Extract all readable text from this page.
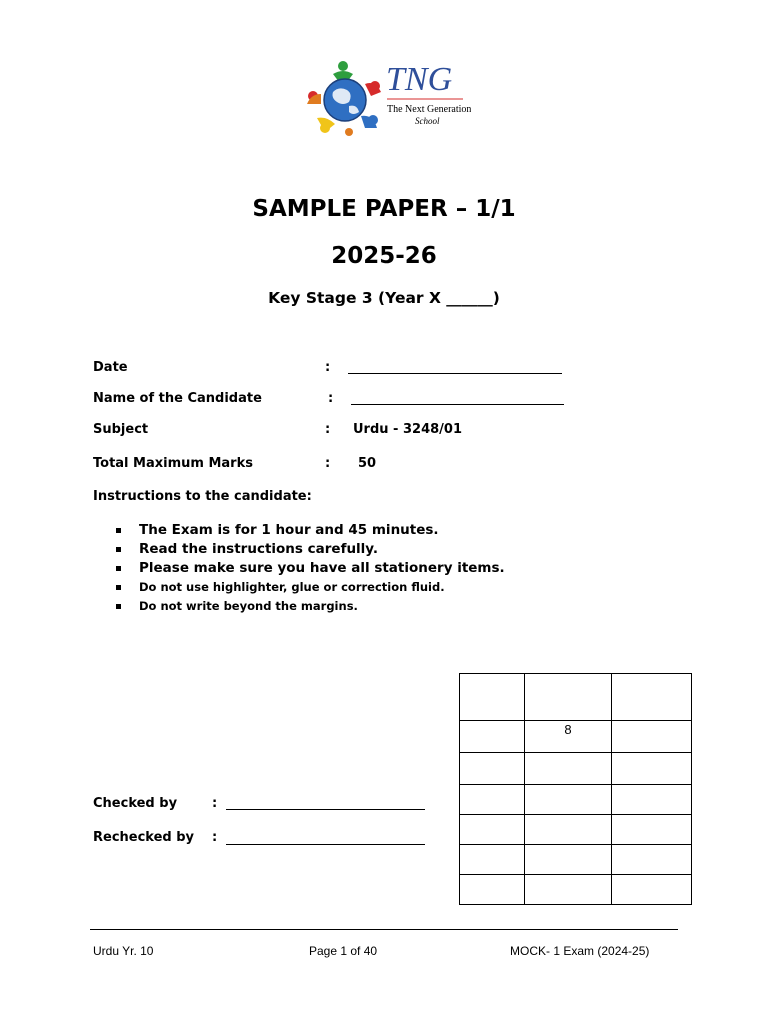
TNG
The Next Generation
School
SAMPLE PAPER – 1/1
2025-26
Key Stage 3 (Year X ______)
Date	:
Name of the Candidate	:
Subject	: Urdu - 3248/01
Total Maximum Marks	: 50
Instructions to the candidate:
The Exam is for 1 hour and 45 minutes.
Read the instructions carefully.
Please make sure you have all stationery items.
Do not use highlighter, glue or correction fluid.
Do not write beyond the margins.
Checked by	:
Rechecked by :

	8	

Urdu Yr. 10	Page 1 of 40	MOCK- 1 Exam (2024-25)
